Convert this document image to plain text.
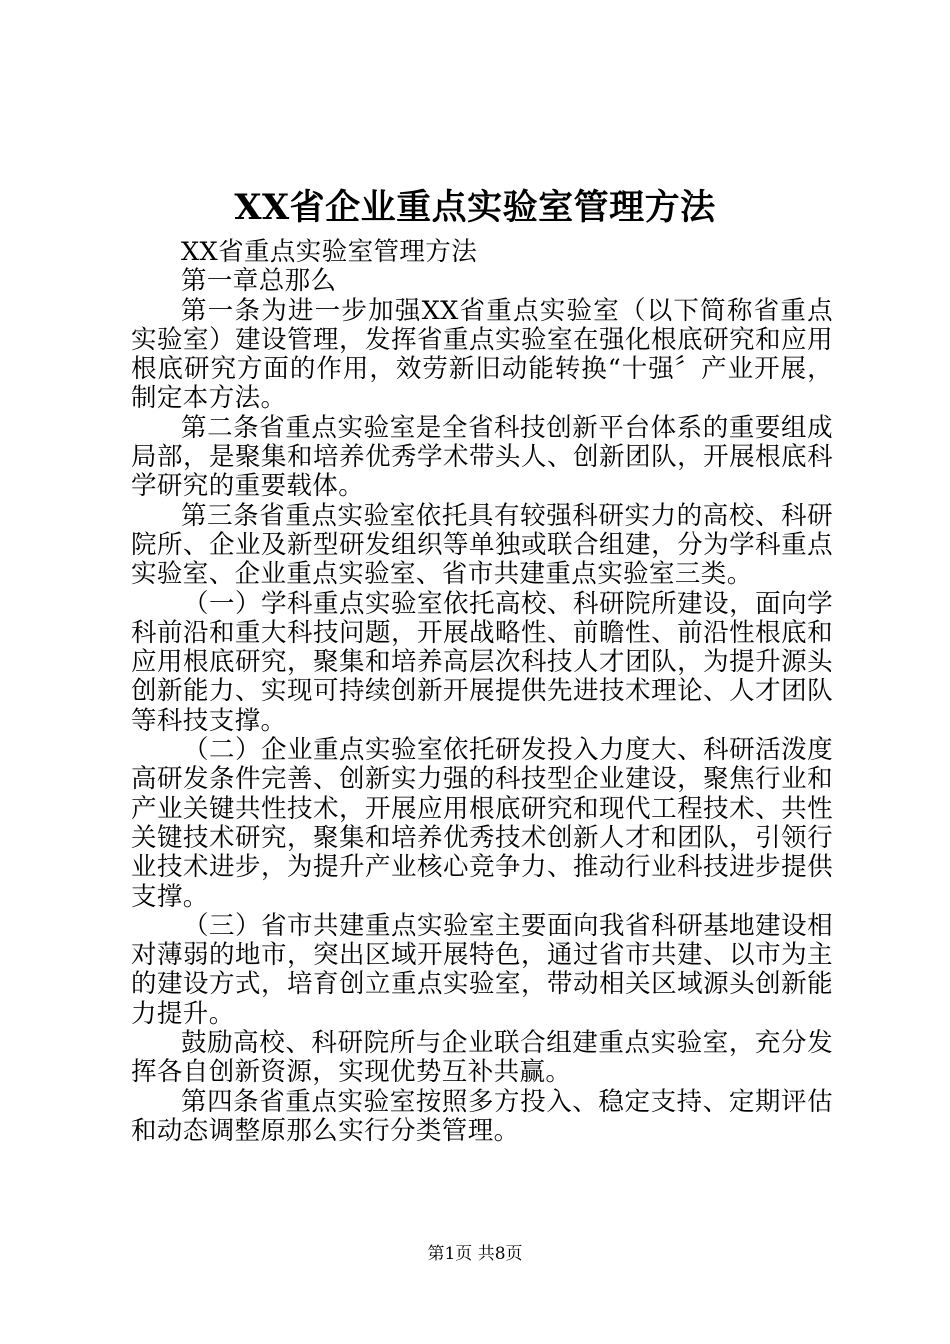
XX省企业重点实验室管理方法

XX省重点实验室管理方法

第一章总那么

第一条为进一步加强XX省重点实验室（以下简称省重点实验室）建设管理，发挥省重点实验室在强化根底研究和应用根底研究方面的作用，效劳新旧动能转换“十强〞产业开展，制定本方法。

第二条省重点实验室是全省科技创新平台体系的重要组成局部，是聚集和培养优秀学术带头人、创新团队，开展根底科学研究的重要载体。

第三条省重点实验室依托具有较强科研实力的高校、科研院所、企业及新型研发组织等单独或联合组建，分为学科重点实验室、企业重点实验室、省市共建重点实验室三类。

（一）学科重点实验室依托高校、科研院所建设，面向学科前沿和重大科技问题，开展战略性、前瞻性、前沿性根底和应用根底研究，聚集和培养高层次科技人才团队，为提升源头创新能力、实现可持续创新开展提供先进技术理论、人才团队等科技支撑。

（二）企业重点实验室依托研发投入力度大、科研活泼度高研发条件完善、创新实力强的科技型企业建设，聚焦行业和产业关键共性技术，开展应用根底研究和现代工程技术、共性关键技术研究，聚集和培养优秀技术创新人才和团队，引领行业技术进步，为提升产业核心竞争力、推动行业科技进步提供支撑。

（三）省市共建重点实验室主要面向我省科研基地建设相对薄弱的地市，突出区域开展特色，通过省市共建、以市为主的建设方式，培育创立重点实验室，带动相关区域源头创新能力提升。

鼓励高校、科研院所与企业联合组建重点实验室，充分发挥各自创新资源，实现优势互补共赢。

第四条省重点实验室按照多方投入、稳定支持、定期评估和动态调整原那么实行分类管理。

第1页 共8页
